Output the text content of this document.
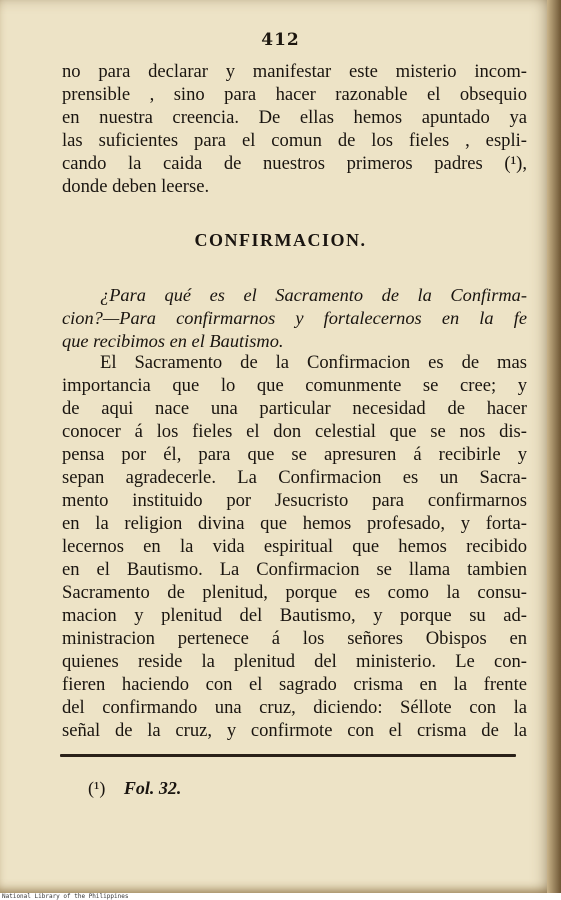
412
no para declarar y manifestar este misterio incom-
prensible , sino para hacer razonable el obsequio
en nuestra creencia. De ellas hemos apuntado ya
las suficientes para el comun de los fieles , espli-
cando la caida de nuestros primeros padres (¹),
donde deben leerse.
CONFIRMACION.
¿Para qué es el Sacramento de la Confirma-
cion?—Para confirmarnos y fortalecernos en la fe
que recibimos en el Bautismo.
El Sacramento de la Confirmacion es de mas
importancia que lo que comunmente se cree; y
de aqui nace una particular necesidad de hacer
conocer á los fieles el don celestial que se nos dis-
pensa por él, para que se apresuren á recibirle y
sepan agradecerle. La Confirmacion es un Sacra-
mento instituido por Jesucristo para confirmarnos
en la religion divina que hemos profesado, y forta-
lecernos en la vida espiritual que hemos recibido
en el Bautismo. La Confirmacion se llama tambien
Sacramento de plenitud, porque es como la consu-
macion y plenitud del Bautismo, y porque su ad-
ministracion pertenece á los señores Obispos en
quienes reside la plenitud del ministerio. Le con-
fieren haciendo con el sagrado crisma en la frente
del confirmando una cruz, diciendo: Séllote con la
señal de la cruz, y confirmote con el crisma de la
(¹) Fol. 32.
National Library of the Philippines
